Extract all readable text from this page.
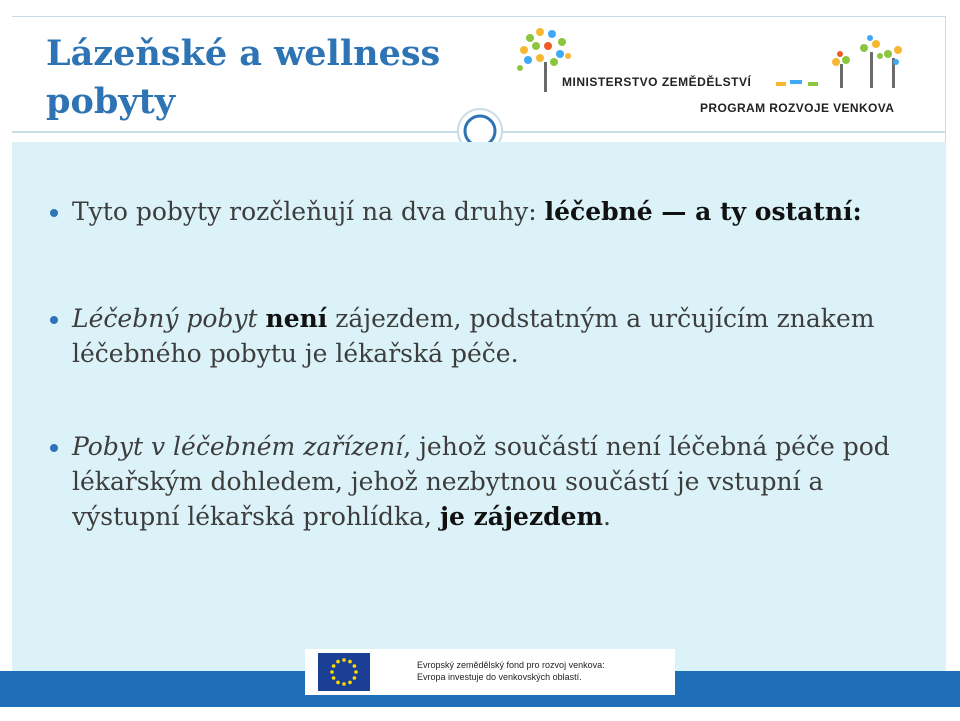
Lázeňské a wellness pobyty	MINISTERSTVO ZEMĚDĚLSTVÍ
PROGRAM ROZVOJE VENKOVA
Tyto pobyty rozčleňují na dva druhy: léčebné — a ty ostatní:
Léčebný pobyt není zájezdem, podstatným a určujícím znakem léčebného pobytu je lékařská péče.
Pobyt v léčebném zařízení, jehož součástí není léčebná péče pod lékařským dohledem, jehož nezbytnou součástí je vstupní a výstupní lékařská prohlídka, je zájezdem.
Evropský zemědělský fond pro rozvoj venkova:
Evropa investuje do venkovských oblastí.
